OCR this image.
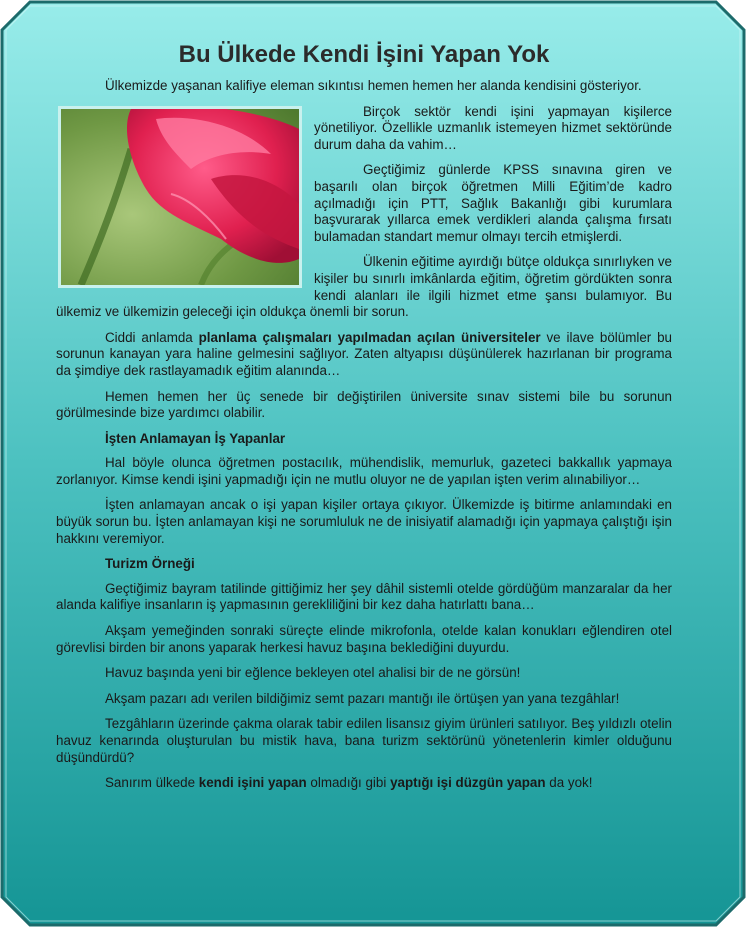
Bu Ülkede Kendi İşini Yapan Yok

Ülkemizde yaşanan kalifiye eleman sıkıntısı hemen hemen her alanda kendisini gösteriyor.

Birçok sektör kendi işini yapmayan kişilerce yönetiliyor. Özellikle uzmanlık istemeyen hizmet sektöründe durum daha da vahim…

Geçtiğimiz günlerde KPSS sınavına giren ve başarılı olan birçok öğretmen Milli Eğitim’de kadro açılmadığı için PTT, Sağlık Bakanlığı gibi kurumlara başvurarak yıllarca emek verdikleri alanda çalışma fırsatı bulamadan standart memur olmayı tercih etmişlerdi.

Ülkenin eğitime ayırdığı bütçe oldukça sınırlıyken ve kişiler bu sınırlı imkânlarda eğitim, öğretim gördükten sonra kendi alanları ile ilgili hizmet etme şansı bulamıyor. Bu ülkemiz ve ülkemizin geleceği için oldukça önemli bir sorun.

Ciddi anlamda planlama çalışmaları yapılmadan açılan üniversiteler ve ilave bölümler bu sorunun kanayan yara haline gelmesini sağlıyor. Zaten altyapısı düşünülerek hazırlanan bir programa da şimdiye dek rastlayamadık eğitim alanında…

Hemen hemen her üç senede bir değiştirilen üniversite sınav sistemi bile bu sorunun görülmesinde bize yardımcı olabilir.

İşten Anlamayan İş Yapanlar

Hal böyle olunca öğretmen postacılık, mühendislik, memurluk, gazeteci bakkallık yapmaya zorlanıyor. Kimse kendi işini yapmadığı için ne mutlu oluyor ne de yapılan işten verim alınabiliyor…

İşten anlamayan ancak o işi yapan kişiler ortaya çıkıyor. Ülkemizde iş bitirme anlamındaki en büyük sorun bu. İşten anlamayan kişi ne sorumluluk ne de inisiyatif alamadığı için yapmaya çalıştığı işin hakkını veremiyor.

Turizm Örneği

Geçtiğimiz bayram tatilinde gittiğimiz her şey dâhil sistemli otelde gördüğüm manzaralar da her alanda kalifiye insanların iş yapmasının gerekliliğini bir kez daha hatırlattı bana…

Akşam yemeğinden sonraki süreçte elinde mikrofonla, otelde kalan konukları eğlendiren otel görevlisi birden bir anons yaparak herkesi havuz başına beklediğini duyurdu.

Havuz başında yeni bir eğlence bekleyen otel ahalisi bir de ne görsün!

Akşam pazarı adı verilen bildiğimiz semt pazarı mantığı ile örtüşen yan yana tezgâhlar!

Tezgâhların üzerinde çakma olarak tabir edilen lisansız giyim ürünleri satılıyor. Beş yıldızlı otelin havuz kenarında oluşturulan bu mistik hava, bana turizm sektörünü yönetenlerin kimler olduğunu düşündürdü?

Sanırım ülkede kendi işini yapan olmadığı gibi yaptığı işi düzgün yapan da yok!
